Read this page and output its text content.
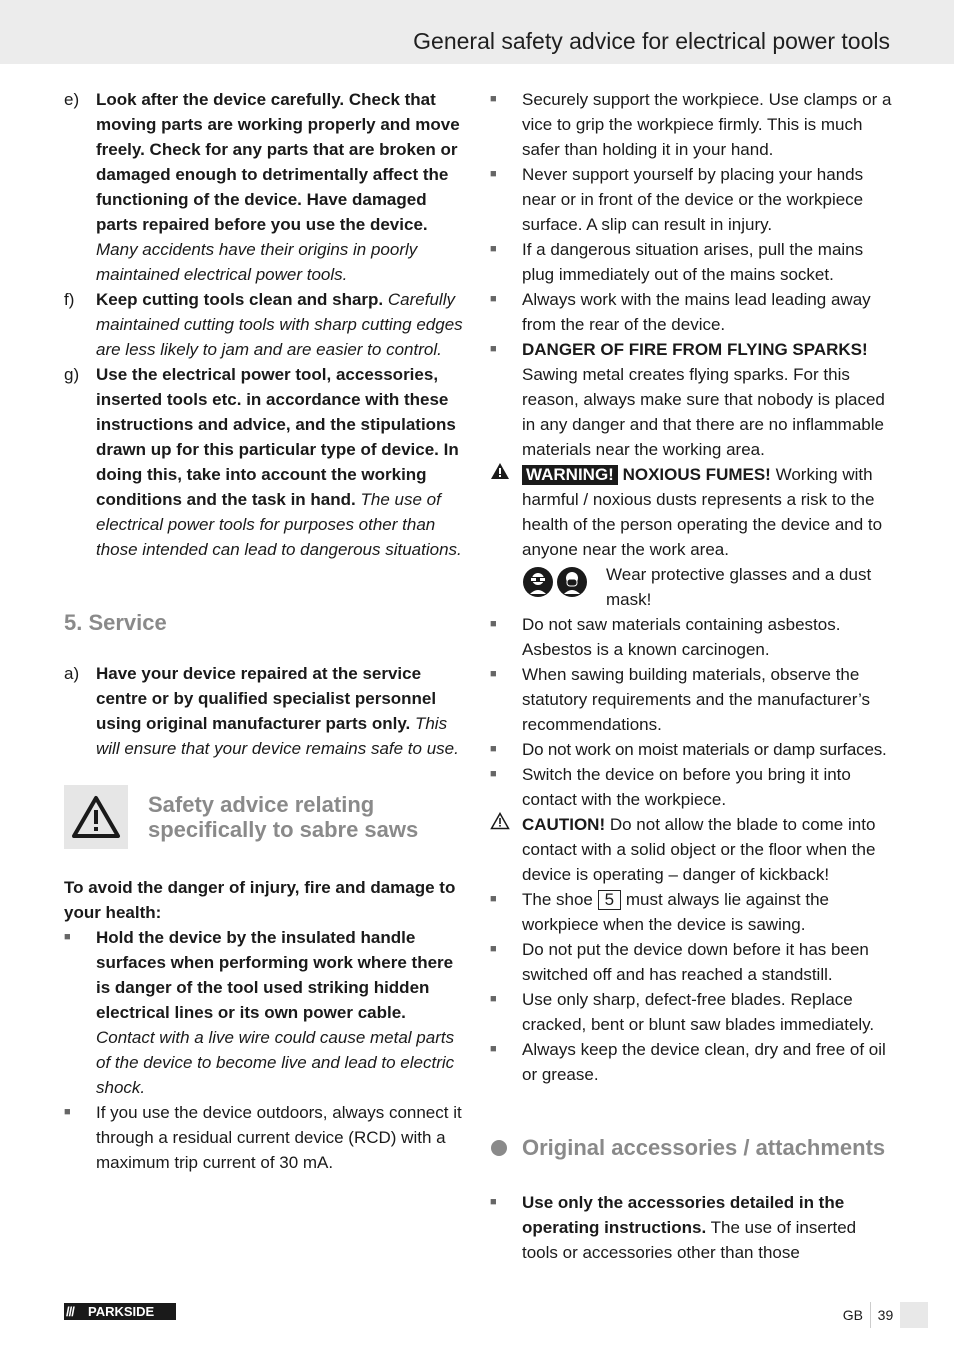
General safety advice for electrical power tools
e) Look after the device carefully. Check that moving parts are working properly and move freely. Check for any parts that are broken or damaged enough to detrimentally affect the functioning of the device. Have damaged parts repaired before you use the device. Many accidents have their origins in poorly maintained electrical power tools.
f)	Keep cutting tools clean and sharp. Carefully maintained cutting tools with sharp cutting edges are less likely to jam and are easier to control.
g) Use the electrical power tool, accessories, inserted tools etc. in accordance with these instructions and advice, and the stipulations drawn up for this particular type of device. In doing this, take into account the working conditions and the task in hand. The use of electrical power tools for purposes other than those intended can lead to dangerous situations.
5. Service
a) Have your device repaired at the service centre or by qualified specialist personnel using original manufacturer parts only. This will ensure that your device remains safe to use.
Safety advice relating specifically to sabre saws
To avoid the danger of injury, fire and damage to your health:
■	Hold the device by the insulated handle surfaces when performing work where there is danger of the tool used striking hidden electrical lines or its own power cable. Contact with a live wire could cause metal parts of the device to become live and lead to electric shock.
■	If you use the device outdoors, always connect it through a residual current device (RCD) with a maximum trip current of 30 mA.
■	Securely support the workpiece. Use clamps or a vice to grip the workpiece firmly. This is much safer than holding it in your hand.
■	Never support yourself by placing your hands near or in front of the device or the workpiece surface. A slip can result in injury.
■	If a dangerous situation arises, pull the mains plug immediately out of the mains socket.
■	Always work with the mains lead leading away from the rear of the device.
■	DANGER OF FIRE FROM FLYING SPARKS!
Sawing metal creates flying sparks. For this reason, always make sure that nobody is placed in any danger and that there are no inflammable materials near the working area.
WARNING! NOXIOUS FUMES! Working with harmful / noxious dusts represents a risk to the health of the person operating the device and to anyone near the work area.
Wear protective glasses and a dust mask!
■	Do not saw materials containing asbestos. Asbestos is a known carcinogen.
■	When sawing building materials, observe the statutory requirements and the manufacturer’s recommendations.
■	Do not work on moist materials or damp surfaces.
■	Switch the device on before you bring it into contact with the workpiece.
CAUTION! Do not allow the blade to come into contact with a solid object or the floor when the device is operating – danger of kickback!
■	The shoe 5 must always lie against the workpiece when the device is sawing.
■	Do not put the device down before it has been switched off and has reached a standstill.
■	Use only sharp, defect-free blades. Replace cracked, bent or blunt saw blades immediately.
■	Always keep the device clean, dry and free of oil or grease.
Original accessories / attachments
■	Use only the accessories detailed in the operating instructions. The use of inserted tools or accessories other than those
///	PARKSIDE	GB	39
